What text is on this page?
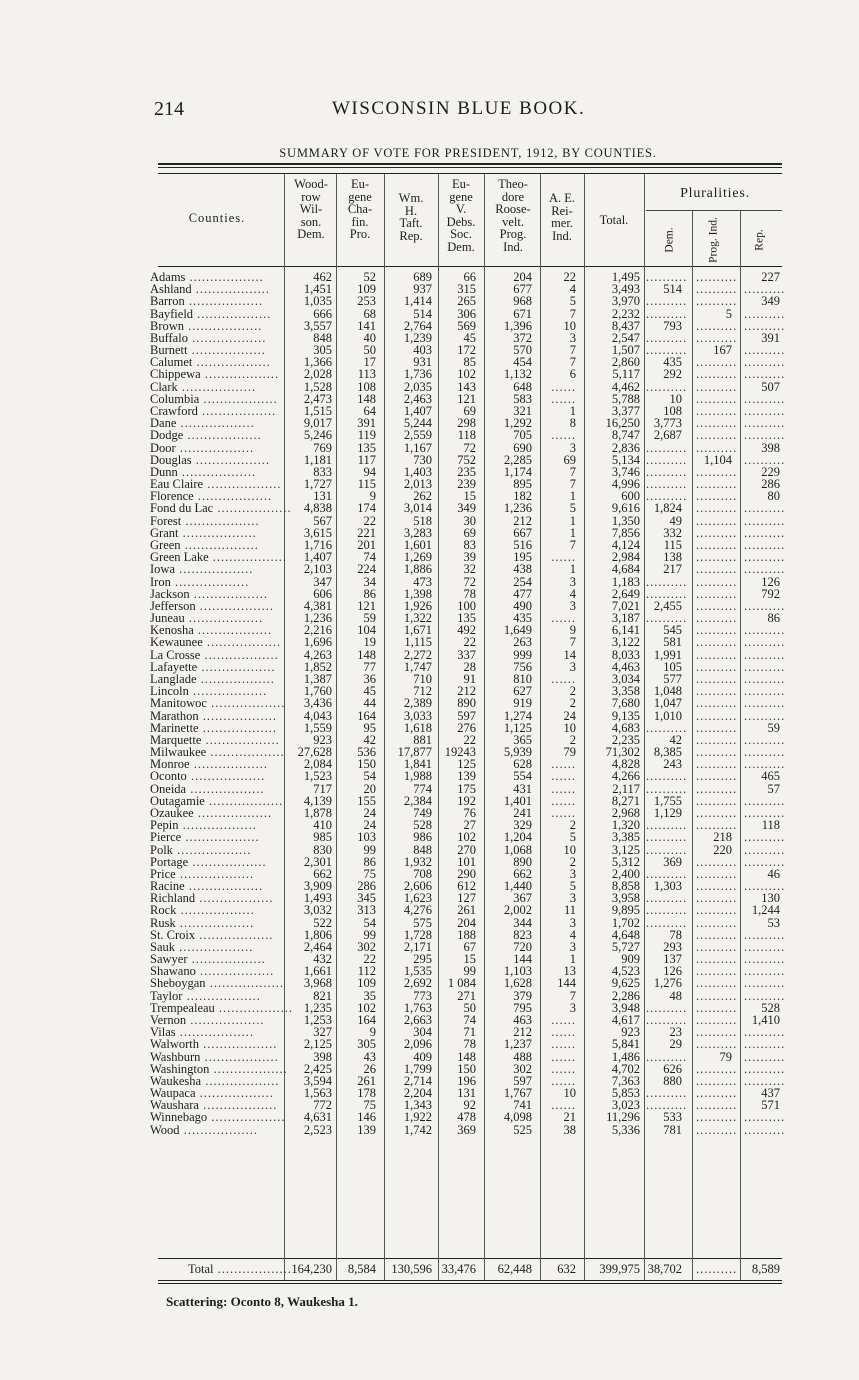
214	WISCONSIN BLUE BOOK.
SUMMARY OF VOTE FOR PRESIDENT, 1912, BY COUNTIES.
Counties.
Wood-
row
Wil-
son.
Dem.
Eu-
gene
Cha-
fin.
Pro.
Wm.
H.
Taft.
Rep.
Eu-
gene
V.
Debs.
Soc.
Dem.
Theo-
dore
Roose-
velt.
Prog.
Ind.
A. E.
Rei-
mer.
Ind.
Total.
Pluralities.
Dem.	Prog. Ind.	Rep.
Adams ..................	462	52	689	66	204	22	1,495 .......... ..........	227
Ashland ..................	1,451	109	937	315	677	4	3,493	514	.......... ..........
Barron ..................	1,035	253	1,414	265	968	5	3,970 .......... ..........	349
Bayfield ..................	666	68	514	306	671	7	2,232 ..........	5 ..........
Brown ..................	3,557	141	2,764	569	1,396	10	8,437	793	.......... ..........
Buffalo ..................	848	40	1,239	45	372	3	2,547 .......... ..........	391
Burnett ..................	305	50	403	172	570	7	1,507 ..........	167 ..........
Calumet ..................	1,366	17	931	85	454	7	2,860	435	.......... ..........
Chippewa ..................	2,028	113	1,736	102	1,132	6	5,117	292	.......... ..........
Clark ..................	1,528	108	2,035	143	648	......	4,462 .......... ..........	507
Columbia ..................	2,473	148	2,463	121	583	......	5,788	10	.......... ..........
Crawford ..................	1,515	64	1,407	69	321	1	3,377	108	.......... ..........
Dane ..................	9,017	391	5,244	298	1,292	8	16,250	3,773	.......... ..........
Dodge ..................	5,246	119	2,559	118	705	......	8,747	2,687	.......... ..........
Door ..................	769	135	1,167	72	690	3	2,836 .......... ..........	398
Douglas ..................	1,181	117	730	752	2,285	69	5,134 ..........	1,104 ..........
Dunn ..................	833	94	1,403	235	1,174	7	3,746 .......... ..........	229
Eau Claire ..................	1,727	115	2,013	239	895	7	4,996 .......... ..........	286
Florence ..................	131	9	262	15	182	1	600 .......... ..........	80
Fond du Lac .................. 4,838	174	3,014	349	1,236	5	9,616	1,824	.......... ..........
Forest ..................	567	22	518	30	212	1	1,350	49	.......... ..........
Grant ..................	3,615	221	3,283	69	667	1	7,856	332	.......... ..........
Green ..................	1,716	201	1,601	83	516	7	4,124	115	.......... ..........
Green Lake ..................	1,407	74	1,269	39	195	......	2,984	138	.......... ..........
Iowa ..................	2,103	224	1,886	32	438	1	4,684	217	.......... ..........
Iron ..................	347	34	473	72	254	3	1,183 .......... ..........	126
Jackson ..................	606	86	1,398	78	477	4	2,649 .......... ..........	792
Jefferson ..................	4,381	121	1,926	100	490	3	7,021	2,455	.......... ..........
Juneau ..................	1,236	59	1,322	135	435	......	3,187 .......... ..........	86
Kenosha ..................	2,216	104	1,671	492	1,649	9	6,141	545	.......... ..........
Kewaunee ..................	1,696	19	1,115	22	263	7	3,122	581	.......... ..........
La Crosse ..................	4,263	148	2,272	337	999	14	8,033	1,991	.......... ..........
Lafayette ..................	1,852	77	1,747	28	756	3	4,463	105	.......... ..........
Langlade ..................	1,387	36	710	91	810	......	3,034	577	.......... ..........
Lincoln ..................	1,760	45	712	212	627	2	3,358	1,048	.......... ..........
Manitowoc ..................	3,436	44	2,389	890	919	2	7,680	1,047	.......... ..........
Marathon ..................	4,043	164	3,033	597	1,274	24	9,135	1,010	.......... ..........
Marinette ..................	1,559	95	1,618	276	1,125	10	4,683 .......... ..........	59
Marquette ..................	923	42	881	22	365	2	2,235	42	.......... ..........
Milwaukee ..................	27,628	536	17,877	19243	5,939	79	71,302	8,385	.......... ..........
Monroe ..................	2,084	150	1,841	125	628	......	4,828	243	.......... ..........
Oconto ..................	1,523	54	1,988	139	554	......	4,266 .......... ..........	465
Oneida ..................	717	20	774	175	431	......	2,117 .......... ..........	57
Outagamie ..................	4,139	155	2,384	192	1,401	......	8,271	1,755	.......... ..........
Ozaukee ..................	1,878	24	749	76	241	......	2,968	1,129	.......... ..........
Pepin ..................	410	24	528	27	329	2	1,320 .......... ..........	118
Pierce ..................	985	103	986	102	1,204	5	3,385 ..........	218 ..........
Polk ..................	830	99	848	270	1,068	10	3,125 ..........	220 ..........
Portage ..................	2,301	86	1,932	101	890	2	5,312	369	.......... ..........
Price ..................	662	75	708	290	662	3	2,400 .......... ..........	46
Racine ..................	3,909	286	2,606	612	1,440	5	8,858	1,303	.......... ..........
Richland ..................	1,493	345	1,623	127	367	3	3,958 .......... ..........	130
Rock ..................	3,032	313	4,276	261	2,002	11	9,895 .......... ..........	1,244
Rusk ..................	522	54	575	204	344	3	1,702 .......... ..........	53
St. Croix ..................	1,806	99	1,728	188	823	4	4,648	78	.......... ..........
Sauk ..................	2,464	302	2,171	67	720	3	5,727	293	.......... ..........
Sawyer ..................	432	22	295	15	144	1	909	137	.......... ..........
Shawano ..................	1,661	112	1,535	99	1,103	13	4,523	126	.......... ..........
Sheboygan ..................	3,968	109	2,692	1 084	1,628	144	9,625	1,276	.......... ..........
Taylor ..................	821	35	773	271	379	7	2,286	48	.......... ..........
Trempealeau .................. 1,235	102	1,763	50	795	3	3,948 .......... ..........	528
Vernon ..................	1,253	164	2,663	74	463	......	4,617 .......... ..........	1,410
Vilas ..................	327	9	304	71	212	......	923	23	.......... ..........
Walworth ..................	2,125	305	2,096	78	1,237	......	5,841	29	.......... ..........
Washburn ..................	398	43	409	148	488	......	1,486 ..........	79 ..........
Washington ..................	2,425	26	1,799	150	302	......	4,702	626	.......... ..........
Waukesha ..................	3,594	261	2,714	196	597	......	7,363	880	.......... ..........
Waupaca ..................	1,563	178	2,204	131	1,767	10	5,853 .......... ..........	437
Waushara ..................	772	75	1,343	92	741	......	3,023 .......... ..........	571
Winnebago ..................	4,631	146	1,922	478	4,098	21	11,296	533	.......... ..........
Wood ..................	2,523	139	1,742	369	525	38	5,336	781	.......... ..........
Total .................. 164,230	8,584	130,596 33,476	62,448	632	399,975 38,702	..........	8,589
Scattering: Oconto 8, Waukesha 1.
